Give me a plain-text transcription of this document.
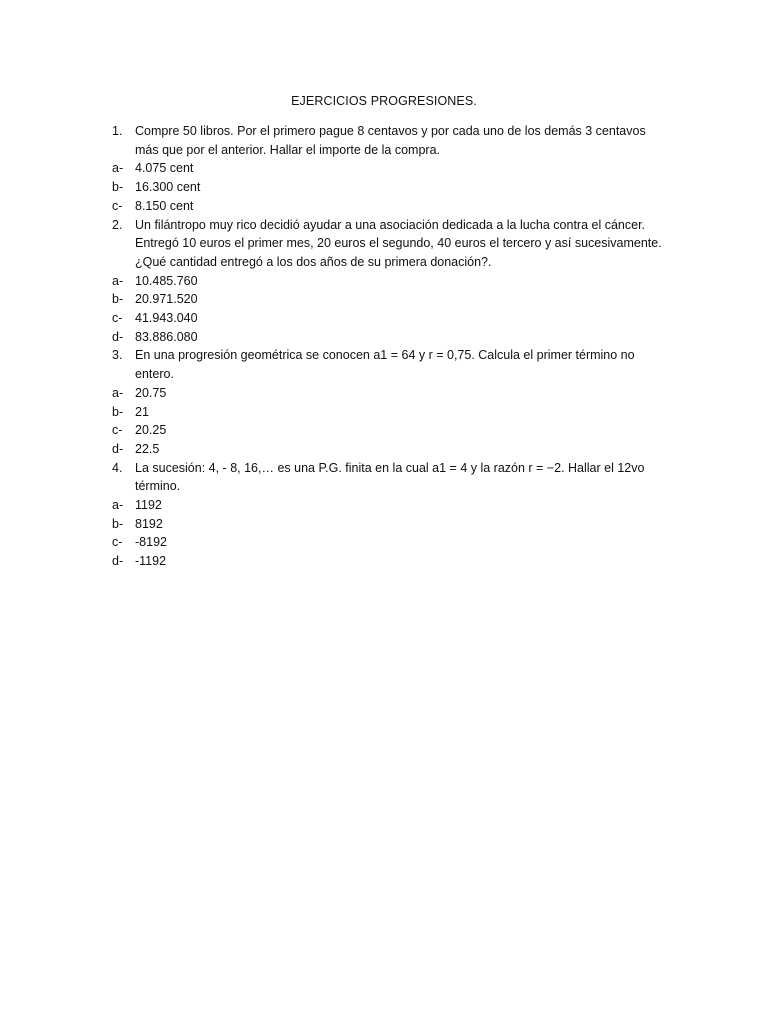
EJERCICIOS PROGRESIONES.
1.	Compre 50 libros. Por el primero pague 8 centavos y por cada uno de los demás 3 centavos más que por el anterior. Hallar el importe de la compra.
a- 4.075 cent
b- 16.300 cent
c-	8.150 cent
2.	Un filántropo muy rico decidió ayudar a una asociación dedicada a la lucha contra el cáncer. Entregó 10 euros el primer mes, 20 euros el segundo, 40 euros el tercero y así sucesivamente. ¿Qué cantidad entregó a los dos años de su primera donación?.
a- 10.485.760
b- 20.971.520
c-	41.943.040
d- 83.886.080
3.	En una progresión geométrica se conocen a1 = 64 y r = 0,75. Calcula el primer término no entero.
a- 20.75
b- 21
c-	20.25
d- 22.5
4.	La sucesión: 4, - 8, 16,… es una P.G. finita en la cual a1 = 4 y la razón r = −2. Hallar el 12vo término.
a- 1192
b- 8192
c-	-8192
d- -1192
